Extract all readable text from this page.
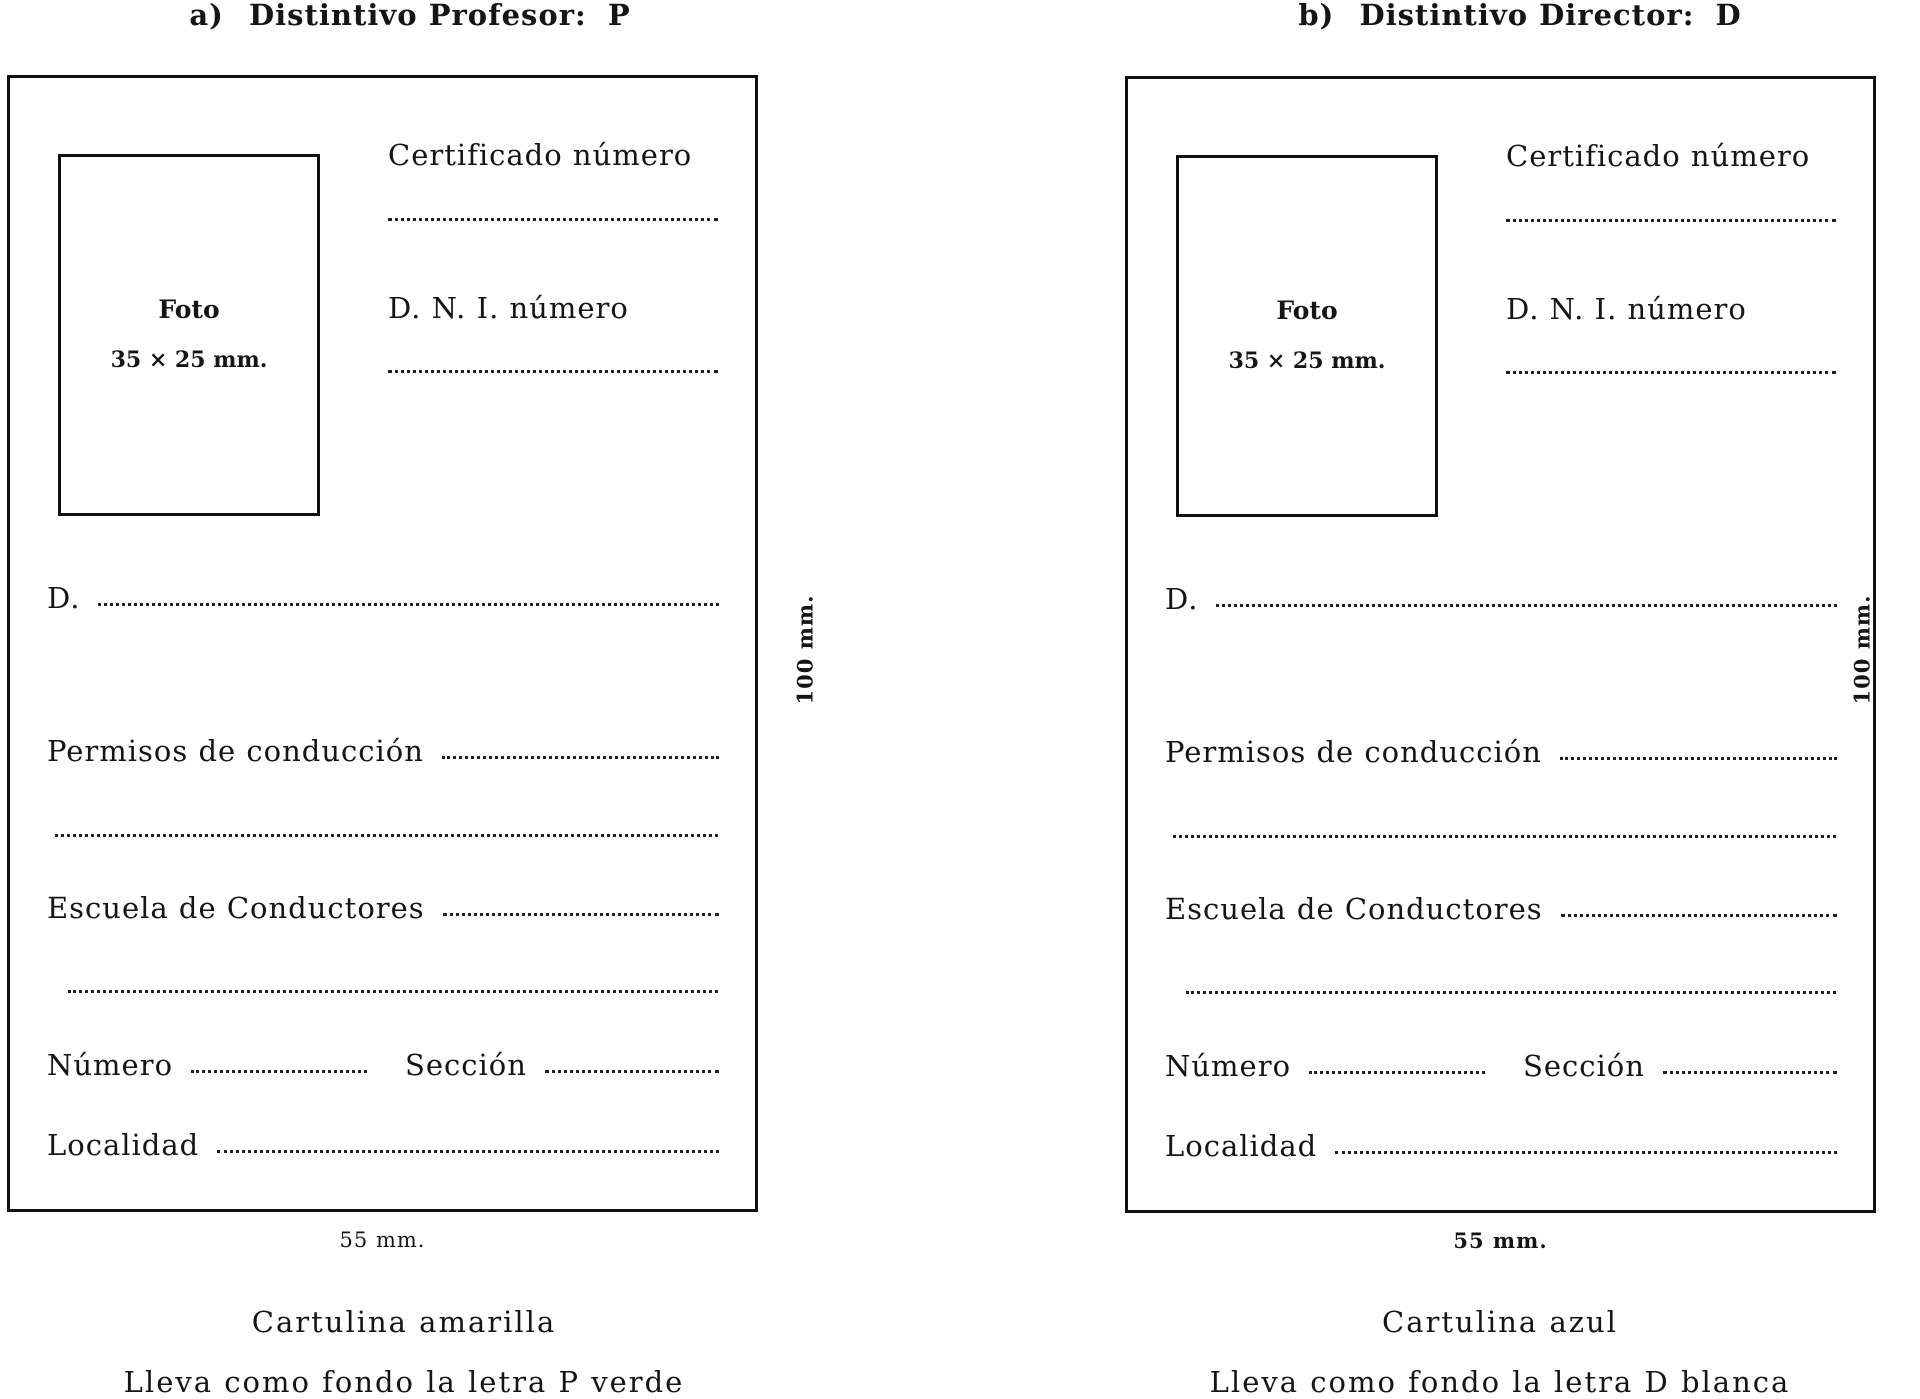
a) Distintivo Profesor: P
Foto
35 × 25 mm.
Certificado número
D. N. I. número
D.
Permisos de conducción
Escuela de Conductores
Número	Sección
Localidad
100 mm.
55 mm.
Cartulina amarilla
Lleva como fondo la letra P verde
b) Distintivo Director: D
Foto
35 × 25 mm.
Certificado número
D. N. I. número
D.
Permisos de conducción
Escuela de Conductores
Número	Sección
Localidad
100 mm.
55 mm.
Cartulina azul
Lleva como fondo la letra D blanca
